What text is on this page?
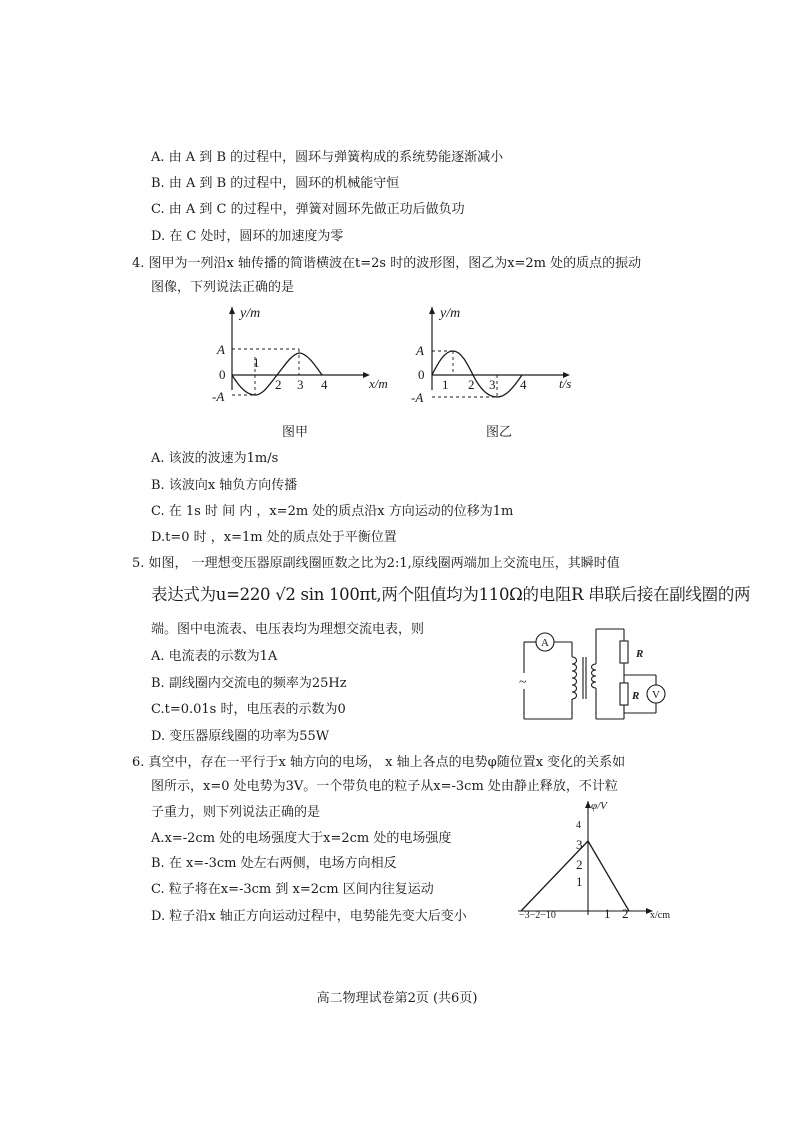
A. 由 A 到 B 的过程中，圆环与弹簧构成的系统势能逐渐减小
B. 由 A 到 B 的过程中，圆环的机械能守恒
C. 由 A 到 C 的过程中，弹簧对圆环先做正功后做负功
D. 在 C 处时，圆环的加速度为零
4. 图甲为一列沿x 轴传播的简谐横波在t=2s 时的波形图，图乙为x=2m 处的质点的振动
图像，下列说法正确的是
y/m
A
0
-A
1
2 3 4	x/m
图甲
y/m
A
0
-A
1 2 3 4	t/s
图乙
A. 该波的波速为1m/s
B. 该波向x 轴负方向传播
C. 在 1s 时 间 内 ，x=2m 处的质点沿x 方向运动的位移为1m
D.t=0 时 ，x=1m 处的质点处于平衡位置
5. 如图， 一理想变压器原副线圈匝数之比为2:1,原线圈两端加上交流电压，其瞬时值
表达式为u=220 √2 sin 100πt,两个阻值均为110Ω的电阻R 串联后接在副线圈的两
端。图中电流表、电压表均为理想交流电表，则
A
~
R
R V
A. 电流表的示数为1A
B. 副线圈内交流电的频率为25Hz
C.t=0.01s 时，电压表的示数为0
D. 变压器原线圈的功率为55W
6. 真空中，存在一平行于x 轴方向的电场， x 轴上各点的电势φ随位置x 变化的关系如
图所示，x=0 处电势为3V。一个带负电的粒子从x=-3cm 处由静止释放，不计粒
子重力，则下列说法正确的是	φ/V
4
3
2
1
−3−2−10	1 2 x/cm
A.x=-2cm 处的电场强度大于x=2cm 处的电场强度
B. 在 x=-3cm 处左右两侧，电场方向相反
C. 粒子将在x=-3cm 到 x=2cm 区间内往复运动
D. 粒子沿x 轴正方向运动过程中，电势能先变大后变小
高二物理试卷第2页 (共6页)
